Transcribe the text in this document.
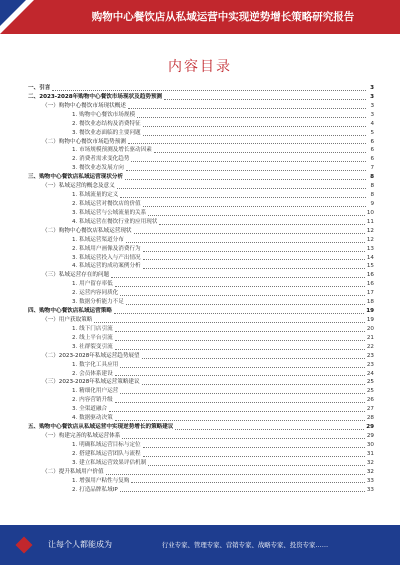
购物中心餐饮店从私域运营中实现逆势增长策略研究报告
内容目录
一、引言	3
二、2023-2028年购物中心餐饮市场现状及趋势预测	3
（一）购物中心餐饮市场现状概述	3
1. 购物中心餐饮市场规模	3
2. 餐饮业态结构及消费特征	4
3. 餐饮业态面临的主要问题	5
（二）购物中心餐饮市场趋势预测	6
1. 市场规模预测及增长驱动因素	6
2. 消费者需求变化趋势	6
3. 餐饮业态发展方向	7
三、购物中心餐饮店私域运营现状分析	8
（一）私域运营的概念及意义	8
1. 私域流量的定义	8
2. 私域运营对餐饮店的价值	9
3. 私域运营与公域流量的关系	10
4. 私域运营在餐饮行业的应用现状	11
（二）购物中心餐饮店私域运营现状	12
1. 私域运营渠道分布	12
2. 私域用户画像及消费行为	13
3. 私域运营投入与产出情况	14
4. 私域运营的成功案例分析	15
（三）私域运营存在的问题	16
1. 用户留存率低	16
2. 运营内容同质化	17
3. 数据分析能力不足	18
四、购物中心餐饮店私域运营策略	19
（一）用户获取策略	19
1. 线下门店引流	20
2. 线上平台引流	21
3. 社群裂变引流	22
（二）2023-2028年私域运营趋势展望	23
1. 数字化工具应用	23
2. 会员体系建设	24
（三）2023-2028年私域运营策略建议	25
1. 精细化用户运营	25
2. 内容营销升级	26
3. 全渠道融合	27
4. 数据驱动决策	28
五、购物中心餐饮店从私域运营中实现逆势增长的策略建议	29
（一）构建完善的私域运营体系	29
1. 明确私域运营目标与定位	30
2. 搭建私域运营团队与流程	31
3. 建立私域运营效果评估机制	32
（二）提升私域用户价值	32
1. 增强用户粘性与复购	33
2. 打造品牌私域IP	33
让每个人都能成为	行业专家、管理专家、营销专家、战略专家、投资专家……
